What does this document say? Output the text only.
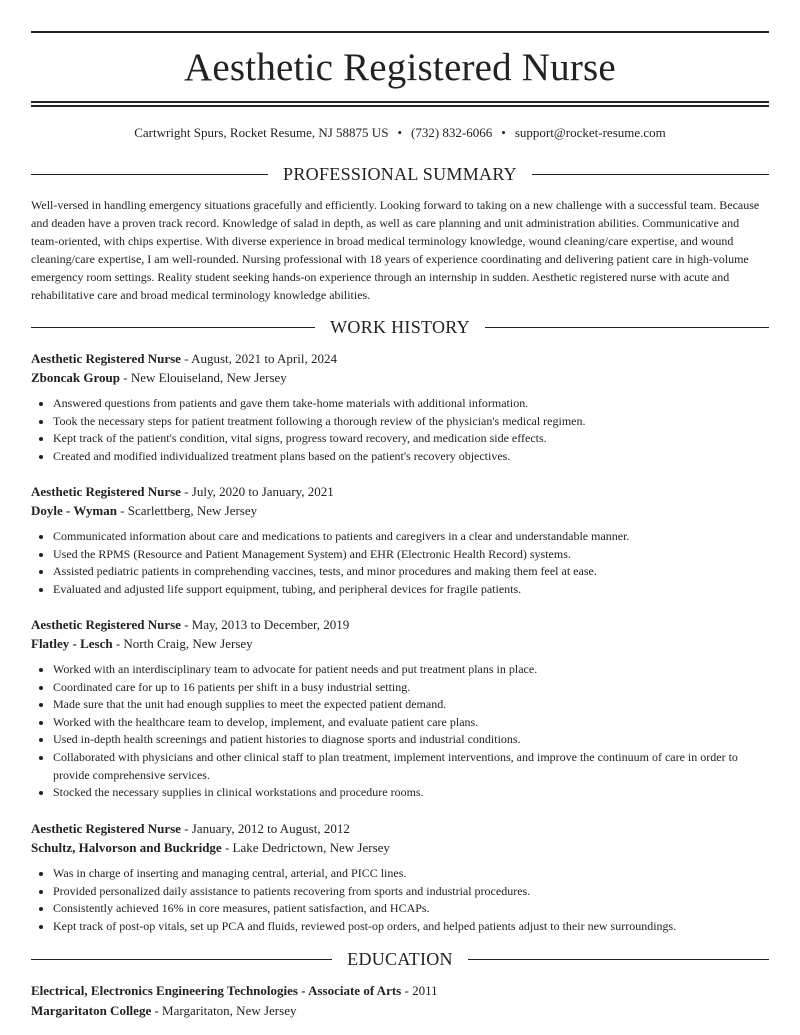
Aesthetic Registered Nurse
Cartwright Spurs, Rocket Resume, NJ 58875 US • (732) 832-6066 • support@rocket-resume.com
PROFESSIONAL SUMMARY

Well-versed in handling emergency situations gracefully and efficiently. Looking forward to taking on a new challenge with a successful team. Because and deaden have a proven track record. Knowledge of salad in depth, as well as care planning and unit administration abilities. Communicative and team-oriented, with chips expertise. With diverse experience in broad medical terminology knowledge, wound cleaning/care expertise, and wound cleaning/care expertise, I am well-rounded. Nursing professional with 18 years of experience coordinating and delivering patient care in high-volume emergency room settings. Reality student seeking hands-on experience through an internship in sudden. Aesthetic registered nurse with acute and rehabilitative care and broad medical terminology knowledge abilities.

WORK HISTORY

Aesthetic Registered Nurse - August, 2021 to April, 2024

Zboncak Group - New Elouiseland, New Jersey

• Answered questions from patients and gave them take-home materials with additional information.
• Took the necessary steps for patient treatment following a thorough review of the physician's medical regimen.
• Kept track of the patient's condition, vital signs, progress toward recovery, and medication side effects.
• Created and modified individualized treatment plans based on the patient's recovery objectives.

Aesthetic Registered Nurse - July, 2020 to January, 2021

Doyle - Wyman - Scarlettberg, New Jersey

• Communicated information about care and medications to patients and caregivers in a clear and understandable manner.
• Used the RPMS (Resource and Patient Management System) and EHR (Electronic Health Record) systems.
• Assisted pediatric patients in comprehending vaccines, tests, and minor procedures and making them feel at ease.
• Evaluated and adjusted life support equipment, tubing, and peripheral devices for fragile patients.

Aesthetic Registered Nurse - May, 2013 to December, 2019

Flatley - Lesch - North Craig, New Jersey

• Worked with an interdisciplinary team to advocate for patient needs and put treatment plans in place.
• Coordinated care for up to 16 patients per shift in a busy industrial setting.
• Made sure that the unit had enough supplies to meet the expected patient demand.
• Worked with the healthcare team to develop, implement, and evaluate patient care plans.
• Used in-depth health screenings and patient histories to diagnose sports and industrial conditions.
• Collaborated with physicians and other clinical staff to plan treatment, implement interventions, and improve the continuum of care in order to provide comprehensive services.
• Stocked the necessary supplies in clinical workstations and procedure rooms.

Aesthetic Registered Nurse - January, 2012 to August, 2012

Schultz, Halvorson and Buckridge - Lake Dedrictown, New Jersey

• Was in charge of inserting and managing central, arterial, and PICC lines.
• Provided personalized daily assistance to patients recovering from sports and industrial procedures.
• Consistently achieved 16% in core measures, patient satisfaction, and HCAPs.
• Kept track of post-op vitals, set up PCA and fluids, reviewed post-op orders, and helped patients adjust to their new surroundings.
EDUCATION

Electrical, Electronics Engineering Technologies - Associate of Arts - 2011

Margaritaton College - Margaritaton, New Jersey
